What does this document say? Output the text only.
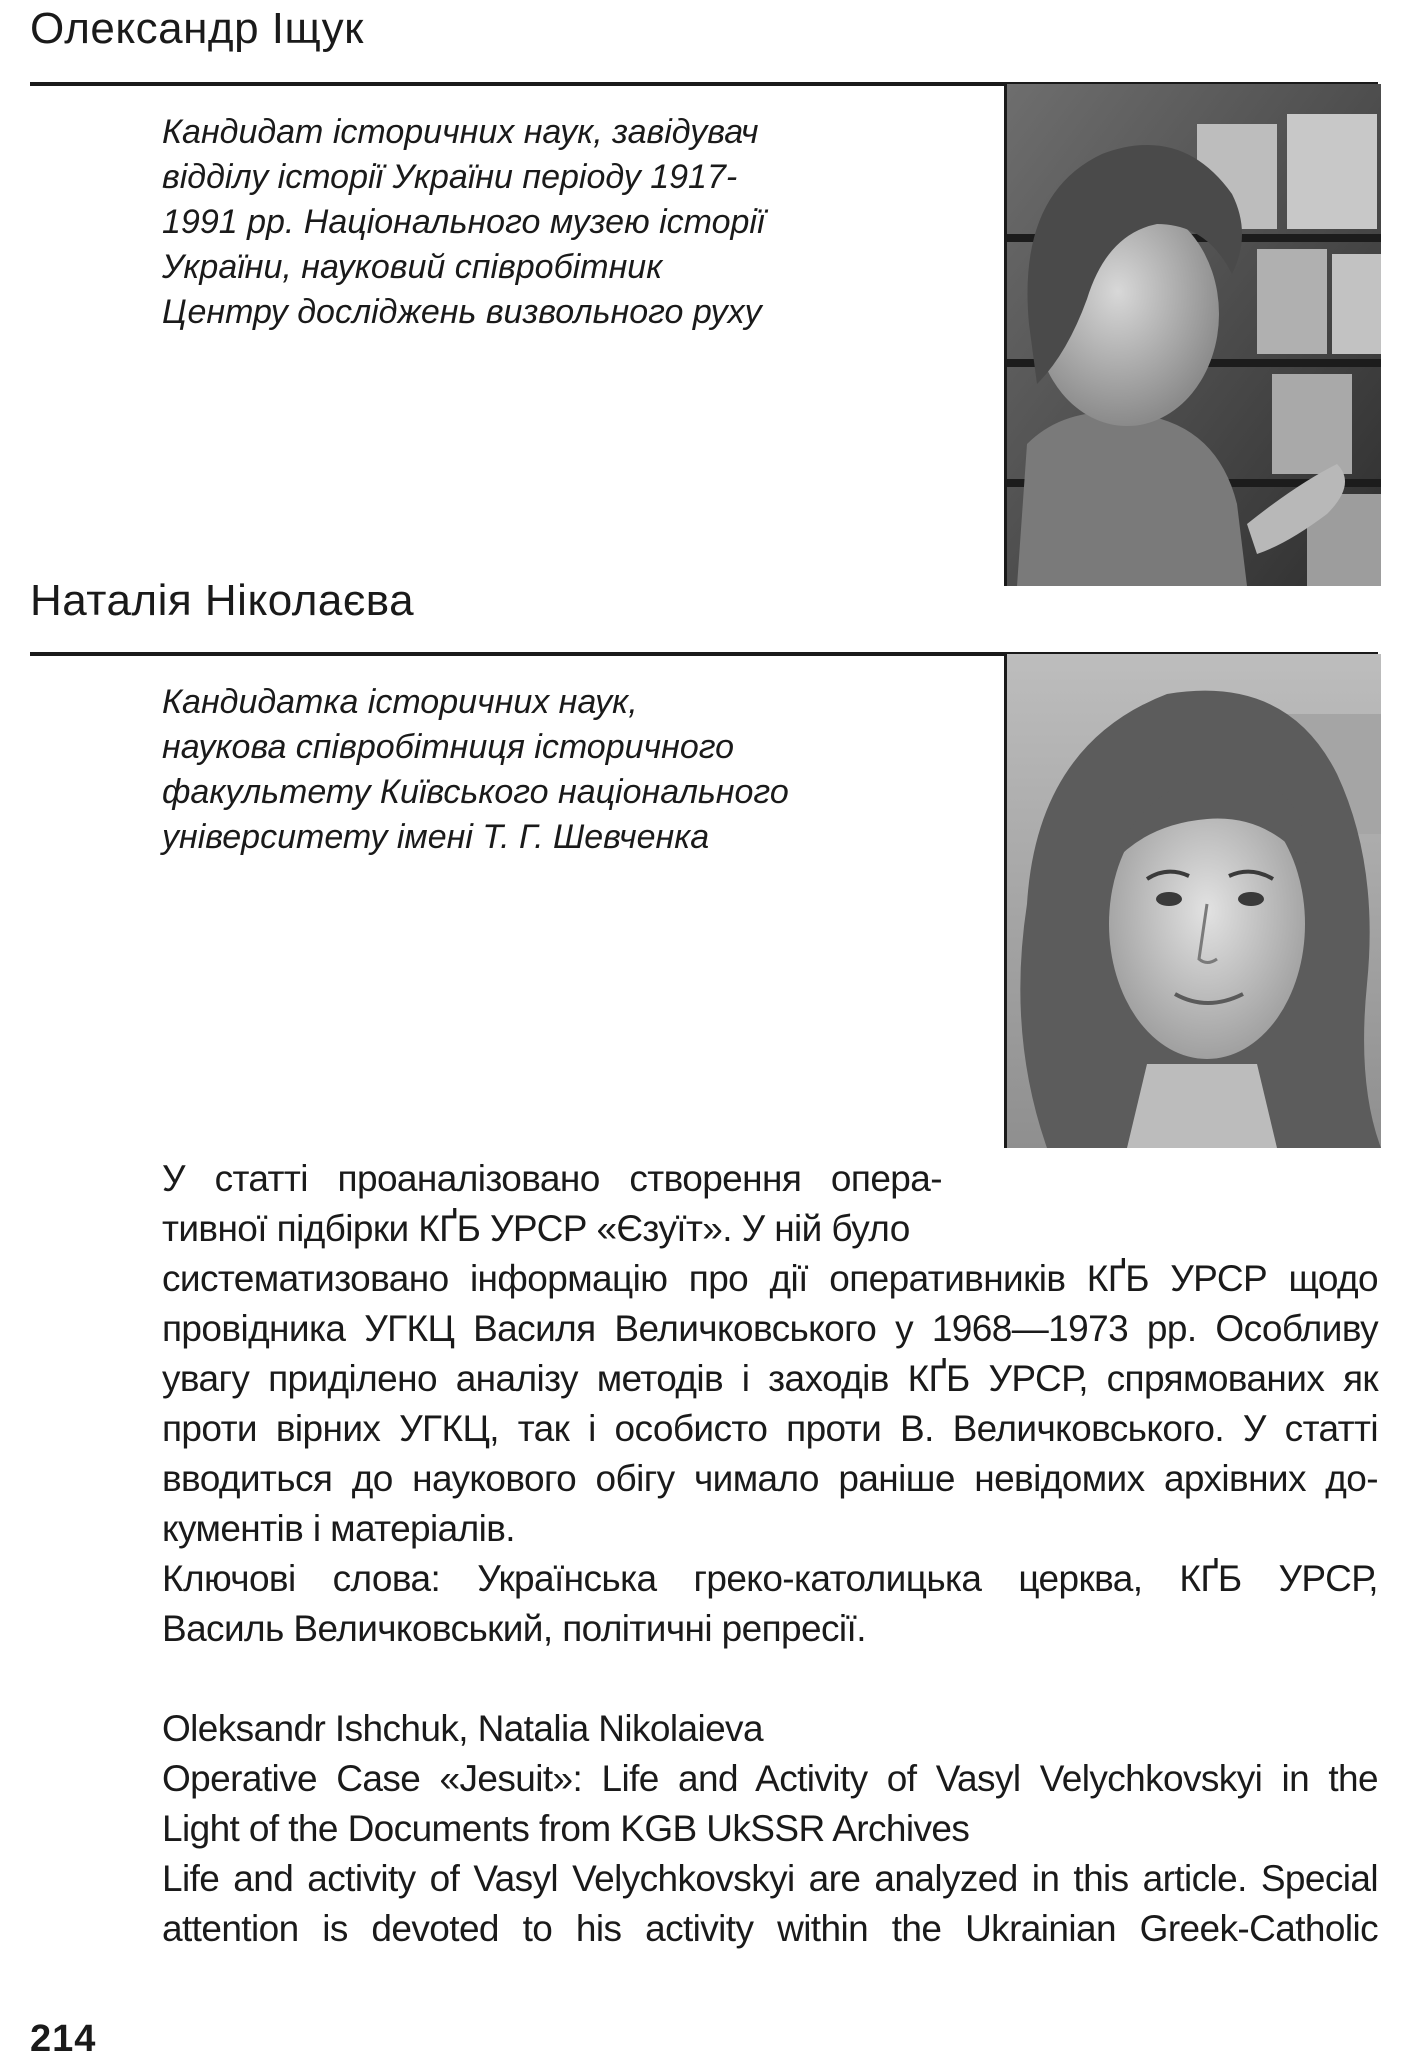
Олександр Іщук

Кандидат історичних наук, завідувач
відділу історії України періоду 1917-
1991 рр. Національного музею історії
України, науковий співробітник
Центру досліджень визвольного руху

Наталія Ніколаєва

Кандидатка історичних наук,
наукова співробітниця історичного
факультету Київського національного
університету імені Т. Г. Шевченка

У статті проаналізовано створення опера-
тивної підбірки КҐБ УРСР «Єзуїт». У ній було
систематизовано інформацію про дії оперативників КҐБ УРСР щодо
провідника УГКЦ Василя Величковського у 1968—1973 рр. Особливу
увагу приділено аналізу методів і заходів КҐБ УРСР, спрямованих як
проти вірних УГКЦ, так і особисто проти В. Величковського. У статті
вводиться до наукового обігу чимало раніше невідомих архівних до-
кументів і матеріалів.
Ключові слова: Українська греко-католицька церква, КҐБ УРСР,
Василь Величковський, політичні репресії.

Oleksandr Ishchuk, Natalia Nikolaieva
Operative Case «Jesuit»: Life and Activity of Vasyl Velychkovskyi in the
Light of the Documents from KGB UkSSR Archives
Life and activity of Vasyl Velychkovskyi are analyzed in this article. Special
attention is devoted to his activity within the Ukrainian Greek-Catholic

214
